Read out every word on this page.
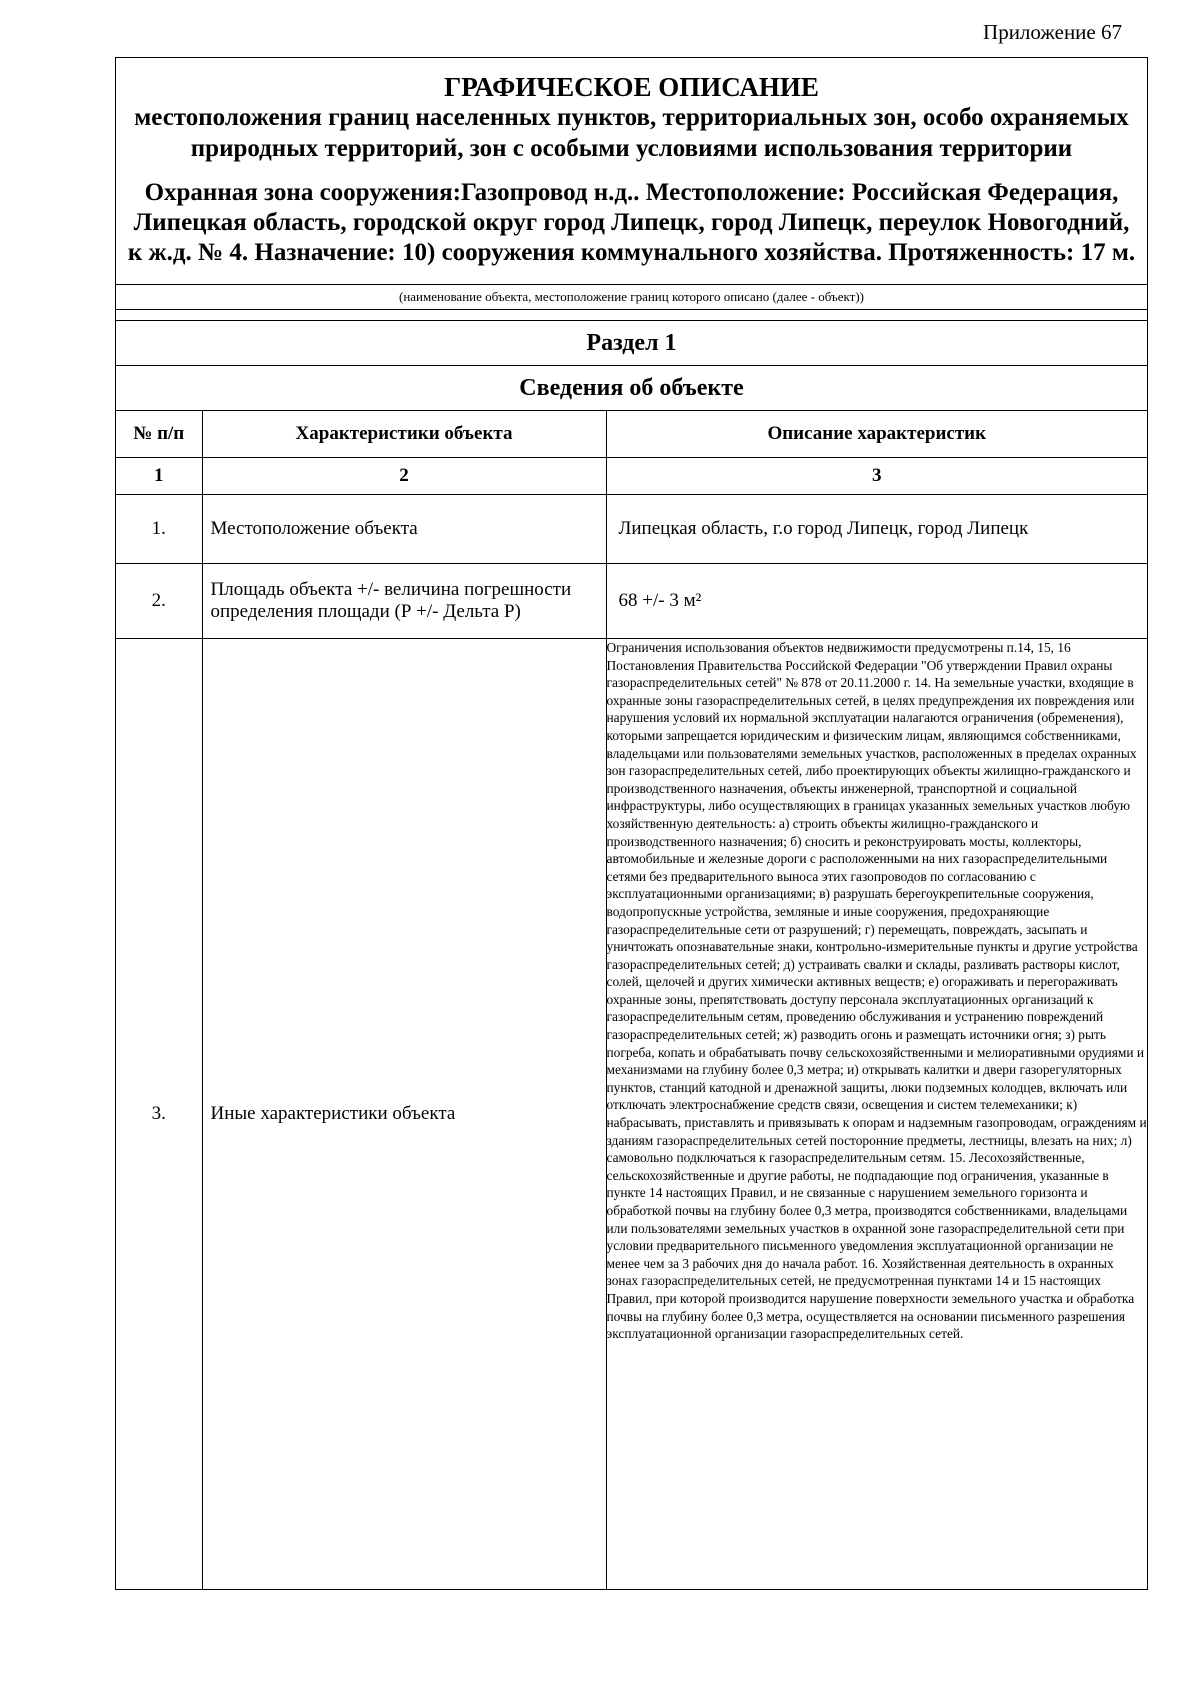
Приложение 67
ГРАФИЧЕСКОЕ ОПИСАНИЕ
местоположения границ населенных пунктов, территориальных зон, особо охраняемых природных территорий, зон с особыми условиями использования территории
Охранная зона сооружения:Газопровод н.д.. Местоположение: Российская Федерация, Липецкая область, городской округ город Липецк, город Липецк, переулок Новогодний, к ж.д. № 4. Назначение: 10) сооружения коммунального хозяйства. Протяженность: 17 м.
(наименование объекта, местоположение границ которого описано (далее - объект))
Раздел 1
Сведения об объекте
№ п/п	Характеристики объекта	Описание характеристик
1	2	3
1.	Местоположение объекта	Липецкая область, г.о город Липецк, город Липецк
2.	Площадь объекта +/- величина погрешности определения площади (Р +/- Дельта Р)	68 +/- 3 м²
3.	Иные характеристики объекта	Ограничения использования объектов недвижимости предусмотрены п.14, 15, 16 Постановления Правительства Российской Федерации "Об утверждении Правил охраны газораспределительных сетей" № 878 от 20.11.2000 г. 14. На земельные участки, входящие в охранные зоны газораспределительных сетей, в целях предупреждения их повреждения или нарушения условий их нормальной эксплуатации налагаются ограничения (обременения), которыми запрещается юридическим и физическим лицам, являющимся собственниками, владельцами или пользователями земельных участков, расположенных в пределах охранных зон газораспределительных сетей, либо проектирующих объекты жилищно-гражданского и производственного назначения, объекты инженерной, транспортной и социальной инфраструктуры, либо осуществляющих в границах указанных земельных участков любую хозяйственную деятельность: а) строить объекты жилищно-гражданского и производственного назначения; б) сносить и реконструировать мосты, коллекторы, автомобильные и железные дороги с расположенными на них газораспределительными сетями без предварительного выноса этих газопроводов по согласованию с эксплуатационными организациями; в) разрушать берегоукрепительные сооружения, водопропускные устройства, земляные и иные сооружения, предохраняющие газораспределительные сети от разрушений; г) перемещать, повреждать, засыпать и уничтожать опознавательные знаки, контрольно-измерительные пункты и другие устройства газораспределительных сетей; д) устраивать свалки и склады, разливать растворы кислот, солей, щелочей и других химически активных веществ; е) огораживать и перегораживать охранные зоны, препятствовать доступу персонала эксплуатационных организаций к газораспределительным сетям, проведению обслуживания и устранению повреждений газораспределительных сетей; ж) разводить огонь и размещать источники огня; з) рыть погреба, копать и обрабатывать почву сельскохозяйственными и мелиоративными орудиями и механизмами на глубину более 0,3 метра; и) открывать калитки и двери газорегуляторных пунктов, станций катодной и дренажной защиты, люки подземных колодцев, включать или отключать электроснабжение средств связи, освещения и систем телемеханики; к) набрасывать, приставлять и привязывать к опорам и надземным газопроводам, ограждениям и зданиям газораспределительных сетей посторонние предметы, лестницы, влезать на них; л) самовольно подключаться к газораспределительным сетям. 15. Лесохозяйственные, сельскохозяйственные и другие работы, не подпадающие под ограничения, указанные в пункте 14 настоящих Правил, и не связанные с нарушением земельного горизонта и обработкой почвы на глубину более 0,3 метра, производятся собственниками, владельцами или пользователями земельных участков в охранной зоне газораспределительной сети при условии предварительного письменного уведомления эксплуатационной организации не менее чем за 3 рабочих дня до начала работ. 16. Хозяйственная деятельность в охранных зонах газораспределительных сетей, не предусмотренная пунктами 14 и 15 настоящих Правил, при которой производится нарушение поверхности земельного участка и обработка почвы на глубину более 0,3 метра, осуществляется на основании письменного разрешения эксплуатационной организации газораспределительных сетей.
